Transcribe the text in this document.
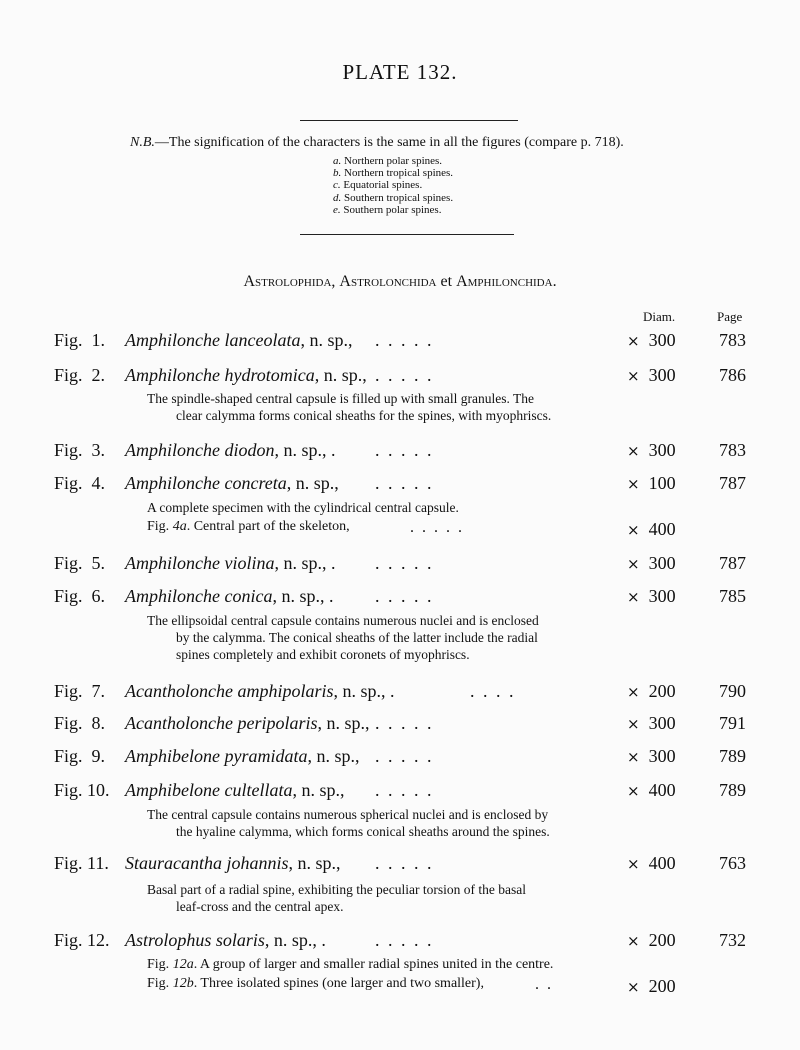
PLATE 132.
N.B.—The signification of the characters is the same in all the figures (compare p. 718).
a. Northern polar spines.
b. Northern tropical spines.
c. Equatorial spines.
d. Southern tropical spines.
e. Southern polar spines.
Astrolophida, Astrolonchida et Amphilonchida.
Diam.	Page
Fig. 1. Amphilonche lanceolata, n. sp., . . . . .	× 300	783
Fig. 2. Amphilonche hydrotomica, n. sp., . . . . .	× 300	786
The spindle-shaped central capsule is filled up with small granules. The
clear calymma forms conical sheaths for the spines, with myophriscs.
Fig. 3. Amphilonche diodon, n. sp., . . . . . .	× 300	783
Fig. 4. Amphilonche concreta, n. sp., . . . . .	× 100	787
A complete specimen with the cylindrical central capsule.
Fig. 4a. Central part of the skeleton,	. . . . .	× 400
Fig. 5. Amphilonche violina, n. sp., . . . . . .	× 300	787
Fig. 6. Amphilonche conica, n. sp., . . . . . .	× 300	785
The ellipsoidal central capsule contains numerous nuclei and is enclosed
by the calymma. The conical sheaths of the latter include the radial
spines completely and exhibit coronets of myophriscs.
Fig. 7. Acantholonche amphipolaris, n. sp., .	. . . .	× 200	790
Fig. 8. Acantholonche peripolaris, n. sp., . . . . .	× 300	791
Fig. 9. Amphibelone pyramidata, n. sp., . . . . .	× 300	789
Fig. 10. Amphibelone cultellata, n. sp., . . . . .	× 400	789
The central capsule contains numerous spherical nuclei and is enclosed by
the hyaline calymma, which forms conical sheaths around the spines.
Fig. 11. Stauracantha johannis, n. sp., . . . . .	× 400	763
Basal part of a radial spine, exhibiting the peculiar torsion of the basal
leaf-cross and the central apex.
Fig. 12. Astrolophus solaris, n. sp., .	. . . . .	× 200	732
Fig. 12a. A group of larger and smaller radial spines united in the centre.
Fig. 12b. Three isolated spines (one larger and two smaller),	. .	× 200
